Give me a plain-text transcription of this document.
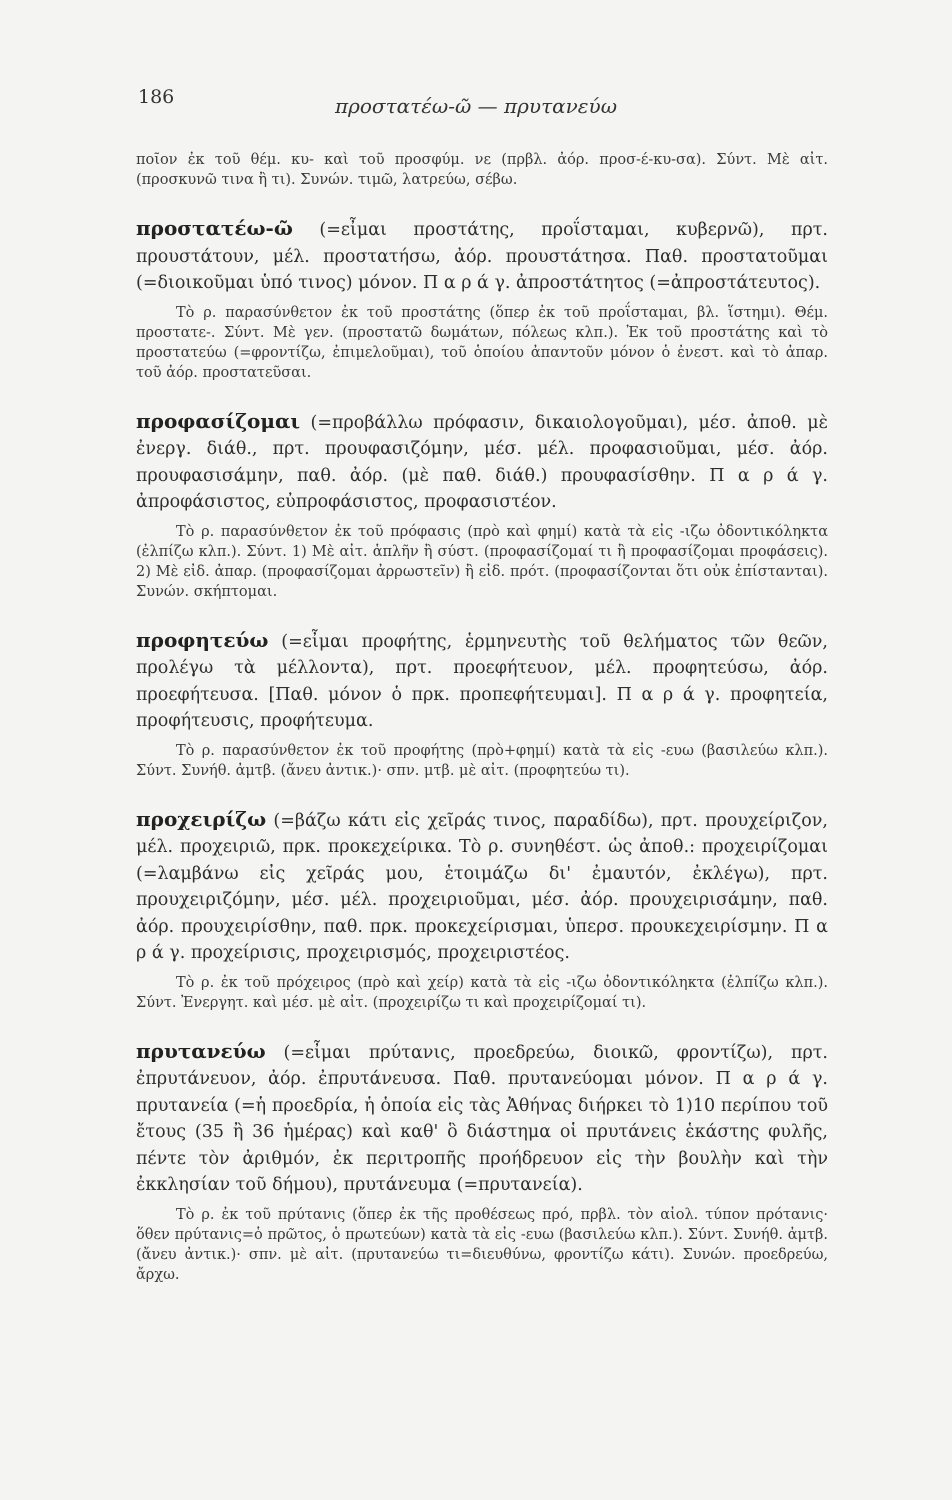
186	προστατέω-ῶ — πρυτανεύω

ποῖον ἐκ τοῦ θέμ. κυ- καὶ τοῦ προσφύμ. νε (πρβλ. ἀόρ. προσ-έ-κυ-σα). Σύντ. Μὲ αἰτ. (προσκυνῶ τινα ἢ τι). Συνών. τιμῶ, λατρεύω, σέβω.

προστατέω-ῶ (=εἶμαι προστάτης, προΐσταμαι, κυβερνῶ), πρτ. προυστάτουν, μέλ. προστατήσω, ἀόρ. προυστάτησα. Παθ. προστατοῦμαι (=διοικοῦμαι ὑπό τινος) μόνον. Π α ρ ά γ. ἀπροστάτητος (=ἀπροστάτευτος).

Τὸ ρ. παρασύνθετον ἐκ τοῦ προστάτης (ὅπερ ἐκ τοῦ προΐσταμαι, βλ. ἵστημι). Θέμ. προστατε-. Σύντ. Μὲ γεν. (προστατῶ δωμάτων, πόλεως κλπ.). Ἐκ τοῦ προστάτης καὶ τὸ προστατεύω (=φροντίζω, ἐπιμελοῦμαι), τοῦ ὁποίου ἀπαντοῦν μόνον ὁ ἐνεστ. καὶ τὸ ἀπαρ. τοῦ ἀόρ. προστατεῦσαι.

προφασίζομαι (=προβάλλω πρόφασιν, δικαιολογοῦμαι), μέσ. ἀποθ. μὲ ἐνεργ. διάθ., πρτ. προυφασιζόμην, μέσ. μέλ. προφασιοῦμαι, μέσ. ἀόρ. προυφασισάμην, παθ. ἀόρ. (μὲ παθ. διάθ.) προυφασίσθην. Π α ρ ά γ. ἀπροφάσιστος, εὐπροφάσιστος, προφασιστέον.

Τὸ ρ. παρασύνθετον ἐκ τοῦ πρόφασις (πρὸ καὶ φημί) κατὰ τὰ εἰς -ιζω ὀδοντικόληκτα (ἐλπίζω κλπ.). Σύντ. 1) Μὲ αἰτ. ἁπλῆν ἢ σύστ. (προφασίζομαί τι ἢ προφασίζομαι προφάσεις). 2) Μὲ εἰδ. ἀπαρ. (προφασίζομαι ἀρρωστεῖν) ἢ εἰδ. πρότ. (προφασίζονται ὅτι οὐκ ἐπίστανται). Συνών. σκήπτομαι.

προφητεύω (=εἶμαι προφήτης, ἑρμηνευτὴς τοῦ θελήματος τῶν θεῶν, προλέγω τὰ μέλλοντα), πρτ. προεφήτευον, μέλ. προφητεύσω, ἀόρ. προεφήτευσα. [Παθ. μόνον ὁ πρκ. προπεφήτευμαι]. Π α ρ ά γ. προφητεία, προφήτευσις, προφήτευμα.

Τὸ ρ. παρασύνθετον ἐκ τοῦ προφήτης (πρὸ+φημί) κατὰ τὰ εἰς -ευω (βασιλεύω κλπ.). Σύντ. Συνήθ. ἀμτβ. (ἄνευ ἀντικ.)· σπν. μτβ. μὲ αἰτ. (προφητεύω τι).

προχειρίζω (=βάζω κάτι εἰς χεῖράς τινος, παραδίδω), πρτ. προυχείριζον, μέλ. προχειριῶ, πρκ. προκεχείρικα. Τὸ ρ. συνηθέστ. ὡς ἀποθ.: προχειρίζομαι (=λαμβάνω εἰς χεῖράς μου, ἑτοιμάζω δι' ἐμαυτόν, ἐκλέγω), πρτ. προυχειριζόμην, μέσ. μέλ. προχειριοῦμαι, μέσ. ἀόρ. προυχειρισάμην, παθ. ἀόρ. προυχειρίσθην, παθ. πρκ. προκεχείρισμαι, ὑπερσ. προυκεχειρίσμην. Π α ρ ά γ. προχείρισις, προχειρισμός, προχειριστέος.

Τὸ ρ. ἐκ τοῦ πρόχειρος (πρὸ καὶ χείρ) κατὰ τὰ εἰς -ιζω ὀδοντικόληκτα (ἐλπίζω κλπ.). Σύντ. Ἐνεργητ. καὶ μέσ. μὲ αἰτ. (προχειρίζω τι καὶ προχειρίζομαί τι).

πρυτανεύω (=εἶμαι πρύτανις, προεδρεύω, διοικῶ, φροντίζω), πρτ. ἐπρυτάνευον, ἀόρ. ἐπρυτάνευσα. Παθ. πρυτανεύομαι μόνον. Π α ρ ά γ. πρυτανεία (=ἡ προεδρία, ἡ ὁποία εἰς τὰς Ἀθήνας διήρκει τὸ 1)10 περίπου τοῦ ἔτους (35 ἢ 36 ἡμέρας) καὶ καθ' ὃ διάστημα οἱ πρυτάνεις ἑκάστης φυλῆς, πέντε τὸν ἀριθμόν, ἐκ περιτροπῆς προήδρευον εἰς τὴν βουλὴν καὶ τὴν ἐκκλησίαν τοῦ δήμου), πρυτάνευμα (=πρυτανεία).

Τὸ ρ. ἐκ τοῦ πρύτανις (ὅπερ ἐκ τῆς προθέσεως πρό, πρβλ. τὸν αἰολ. τύπον πρότανις· ὅθεν πρύτανις=ὁ πρῶτος, ὁ πρωτεύων) κατὰ τὰ εἰς -ευω (βασιλεύω κλπ.). Σύντ. Συνήθ. ἀμτβ. (ἄνευ ἀντικ.)· σπν. μὲ αἰτ. (πρυτανεύω τι=διευθύνω, φροντίζω κάτι). Συνών. προεδρεύω, ἄρχω.
